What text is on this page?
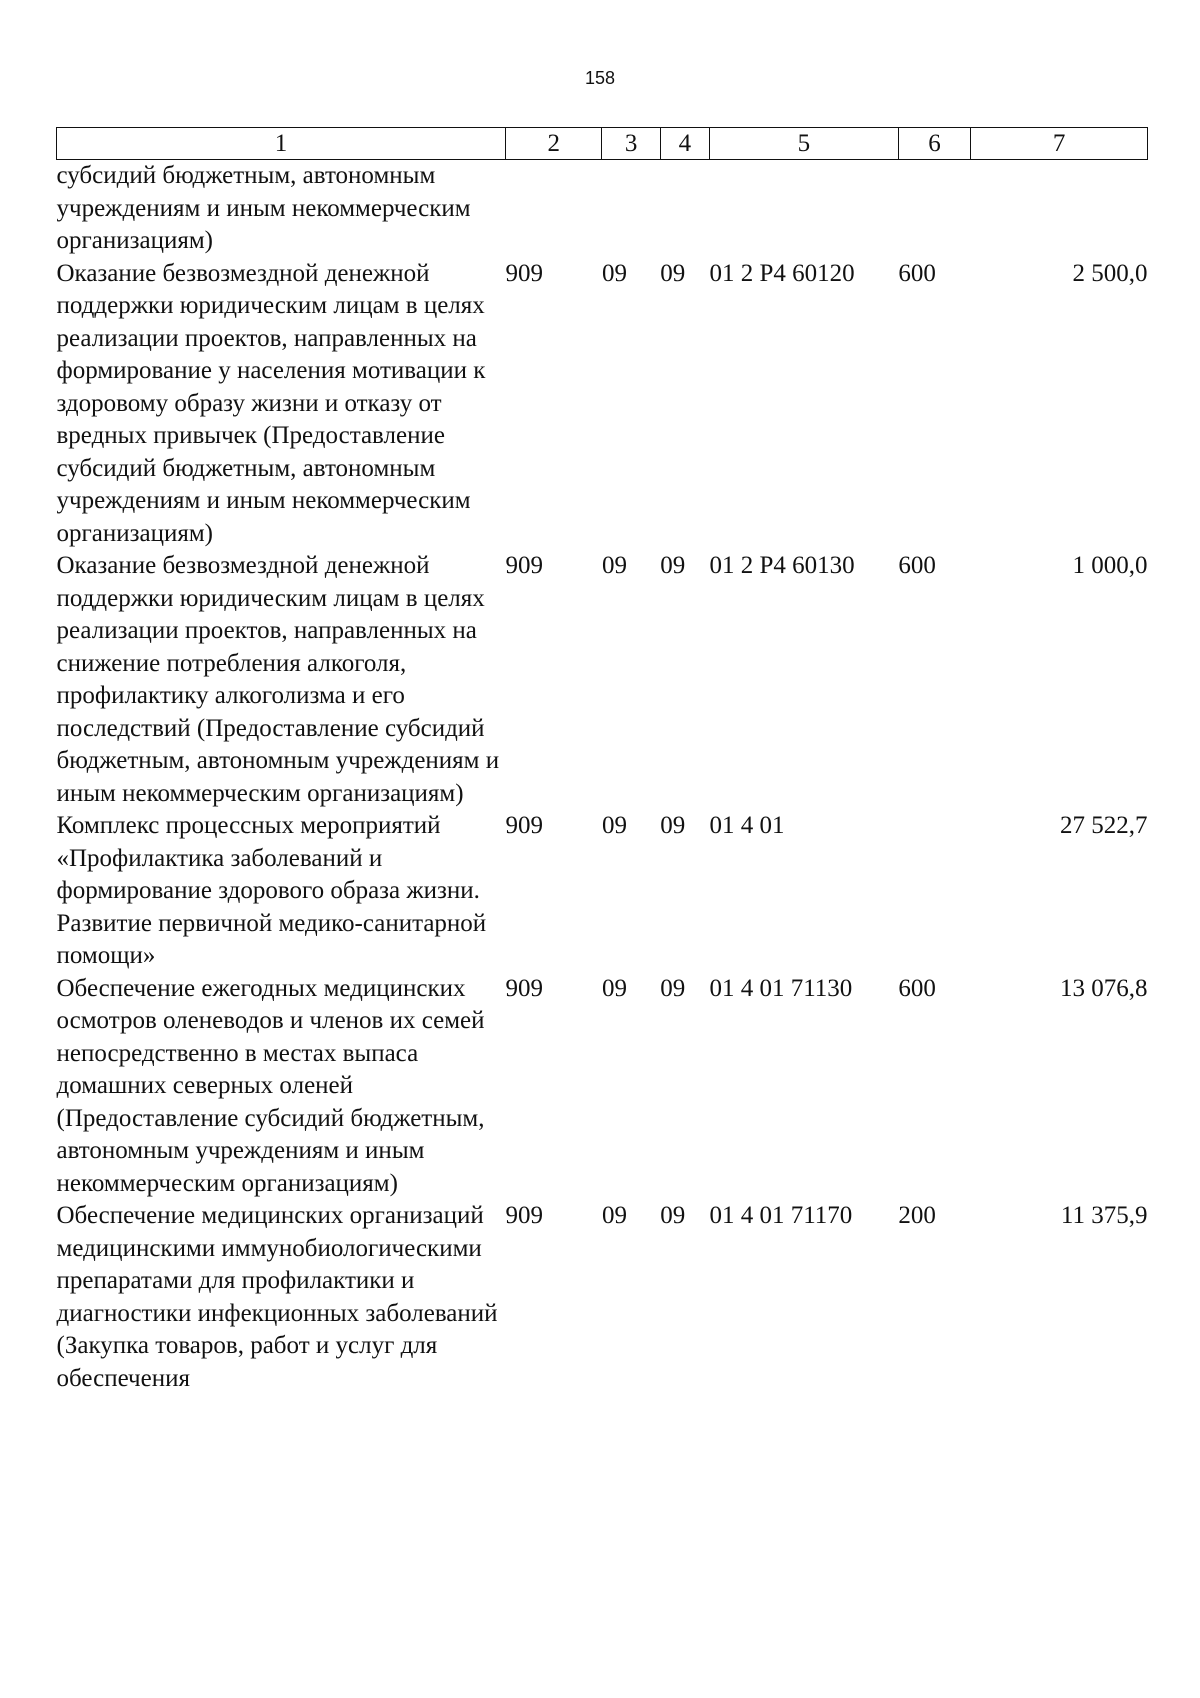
158
1	2	3	4	5	6	7
субсидий бюджетным, автономным учреждениям и иным некоммерческим организациям)						
Оказание безвозмездной денежной поддержки юридическим лицам в целях реализации проектов, направленных на формирование у населения мотивации к здоровому образу жизни и отказу от вредных привычек (Предоставление субсидий бюджетным, автономным учреждениям и иным некоммерческим организациям)	909	09	09	01 2 Р4 60120	600	2 500,0
Оказание безвозмездной денежной поддержки юридическим лицам в целях реализации проектов, направленных на снижение потребления алкоголя, профилактику алкоголизма и его последствий (Предоставление субсидий бюджетным, автономным учреждениям и иным некоммерческим организациям)	909	09	09	01 2 Р4 60130	600	1 000,0
Комплекс процессных мероприятий «Профилактика заболеваний и формирование здорового образа жизни. Развитие первичной медико-санитарной помощи»	909	09	09	01 4 01		27 522,7
Обеспечение ежегодных медицинских осмотров оленеводов и членов их семей непосредственно в местах выпаса домашних северных оленей (Предоставление субсидий бюджетным, автономным учреждениям и иным некоммерческим организациям)	909	09	09	01 4 01 71130	600	13 076,8
Обеспечение медицинских организаций медицинскими иммунобиологическими препаратами для профилактики и диагностики инфекционных заболеваний (Закупка товаров, работ и услуг для обеспечения	909	09	09	01 4 01 71170	200	11 375,9
